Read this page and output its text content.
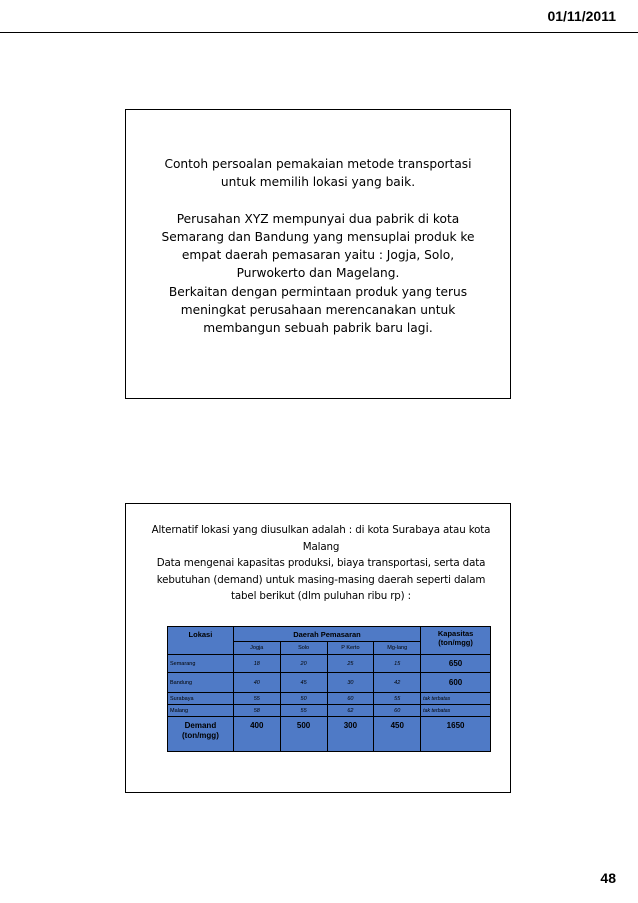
01/11/2011

Contoh persoalan pemakaian metode transportasi

untuk memilih lokasi yang baik.

Perusahan XYZ mempunyai dua pabrik di kota

Semarang dan Bandung yang mensuplai produk ke

empat daerah pemasaran yaitu : Jogja, Solo,

Purwokerto dan Magelang.

Berkaitan dengan permintaan produk yang terus

meningkat perusahaan merencanakan untuk

membangun sebuah pabrik baru lagi.

Alternatif lokasi yang diusulkan adalah : di kota Surabaya atau kota

Malang

Data mengenai kapasitas produksi, biaya transportasi, serta data

kebutuhan (demand) untuk masing-masing daerah seperti dalam

tabel berikut (dlm puluhan ribu rp) :

Lokasi	Daerah Pemasaran				Kapasitas (ton/mgg)
	Jogja	Solo	P Kerto	Mg-lang	
Semarang	18	20	25	15	650
Bandung	40	45	30	42	600
Surabaya	55	50	60	55	tak terbatas
Malang	58	55	62	60	tak terbatas
Demand (ton/mgg)	400	500	300	450	1650
48
